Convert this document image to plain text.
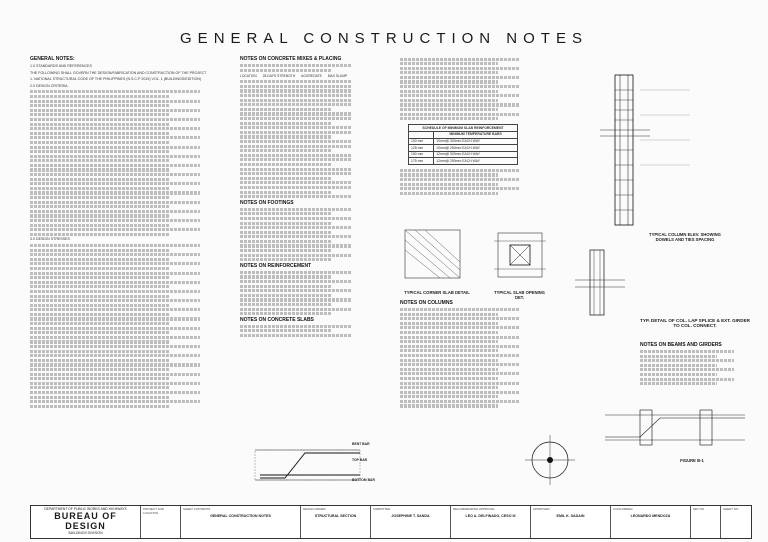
GENERAL CONSTRUCTION NOTES
GENERAL NOTES:

1.0 STANDARDS AND REFERENCES

THE FOLLOWING SHALL GOVERN THE DESIGN/FABRICATION AND CONSTRUCTION OF THE PROJECT

1. NATIONAL STRUCTURAL CODE OF THE PHILIPPINES (N.S.C.P 2015) VOL. 1 (BUILDINGS/EDITION)

2.0 DESIGN CRITERIA

3.0 DESIGN STRESSES

NOTES ON CONCRETE MIXES & PLACING
LOCATION 28-DAYS STRENGTH AGGREGATE MAX SLUMP
NOTES ON FOOTINGS
NOTES ON REINFORCEMENT
NOTES ON CONCRETE SLABS
BENT BAR
TOP BAR
BOTTOM BAR
SCHEDULE OF MINIMUM SLAB REINFORCEMENT	
	MINIMUM TEMPERATURE BARS
100 mm	10mm@ 300mm EACH WAY
125 mm	10mm@ 250mm EACH WAY
150 mm	12mm@ 300mm EACH WAY
175 mm	12mm@ 250mm EACH WAY
TYPICAL CORNER SLAB DETAIL	TYPICAL SLAB OPENING DET.
NOTES ON COLUMNS
TYPICAL COLUMN ELEV. SHOWING DOWELS AND TIES SPACING
TYP. DETAIL OF COL. LAP SPLICE & EXT. GIRDER TO COL. CONNECT.
NOTES ON BEAMS AND GIRDERS
FIGURE B-1
DEPARTMENT OF PUBLIC WORKS AND HIGHWAYS
BUREAU OF DESIGN
BUILDINGS DIVISION
PROJECT AND LOCATION
SHEET CONTENTS
GENERAL CONSTRUCTION NOTES
DESIGN ADDED
STRUCTURAL SECTION
SUBMITTED
JOSEPHINE T. SANDA
RECOMMENDING APPROVAL
LEO A. DELFINADO, CESO III
APPROVED
EMIL K. SADAIN
CONCURRED
LEONARDO MENDOZA
SET NO.	SHEET NO.
